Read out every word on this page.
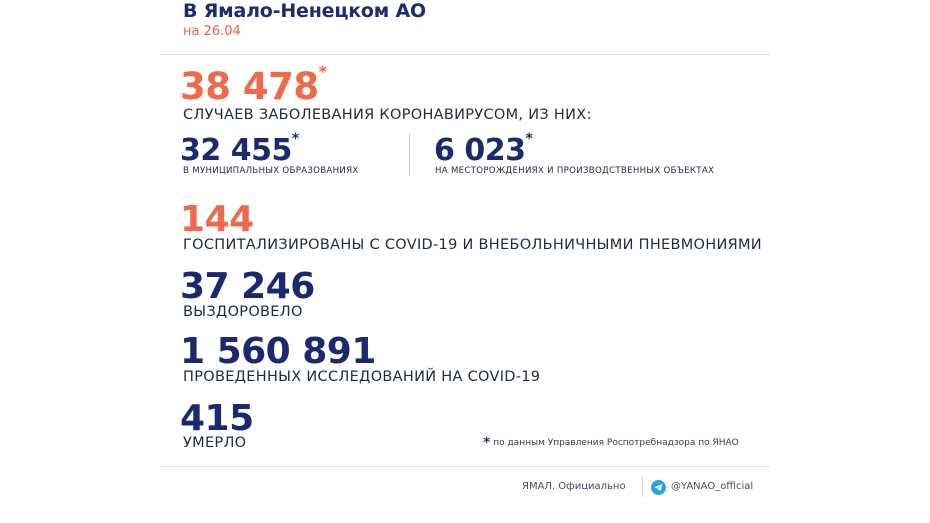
В Ямало-Ненецком АО
на 26.04
38 478 *
СЛУЧАЕВ ЗАБОЛЕВАНИЯ КОРОНАВИРУСОМ, ИЗ НИХ:
32 455 *
В МУНИЦИПАЛЬНЫХ ОБРАЗОВАНИЯХ
6 023 *
НА МЕСТОРОЖДЕНИЯХ И ПРОИЗВОДСТВЕННЫХ ОБЪЕКТАХ
144
ГОСПИТАЛИЗИРОВАНЫ С COVID-19 И ВНЕБОЛЬНИЧНЫМИ ПНЕВМОНИЯМИ
37 246
ВЫЗДОРОВЕЛО
1 560 891
ПРОВЕДЕННЫХ ИССЛЕДОВАНИЙ НА COVID-19
415
УМЕРЛО	* по данным Управления Роспотребнадзора по ЯНАО
ЯМАЛ. Официально	@YANAO_official
